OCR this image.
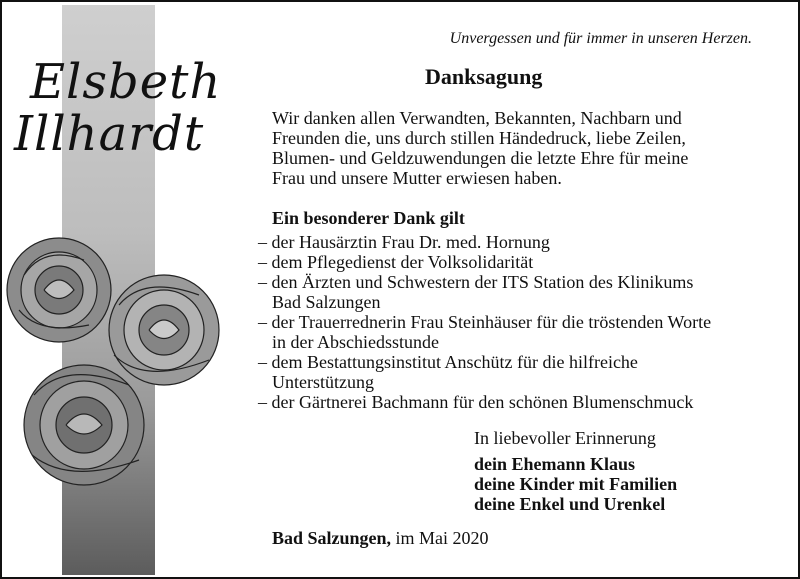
Elsbeth
Illhardt
Unvergessen und für immer in unseren Herzen.
Danksagung
Wir danken allen Verwandten, Bekannten, Nachbarn und
Freunden die, uns durch stillen Händedruck, liebe Zeilen,
Blumen- und Geldzuwendungen die letzte Ehre für meine
Frau und unsere Mutter erwiesen haben.
Ein besonderer Dank gilt
– der Hausärztin Frau Dr. med. Hornung
– dem Pflegedienst der Volksolidarität
– den Ärzten und Schwestern der ITS Station des Klinikums
Bad Salzungen
– der Trauerrednerin Frau Steinhäuser für die tröstenden Worte
in der Abschiedsstunde
– dem Bestattungsinstitut Anschütz für die hilfreiche
Unterstützung
– der Gärtnerei Bachmann für den schönen Blumenschmuck
In liebevoller Erinnerung
dein Ehemann Klaus
deine Kinder mit Familien
deine Enkel und Urenkel
Bad Salzungen, im Mai 2020
